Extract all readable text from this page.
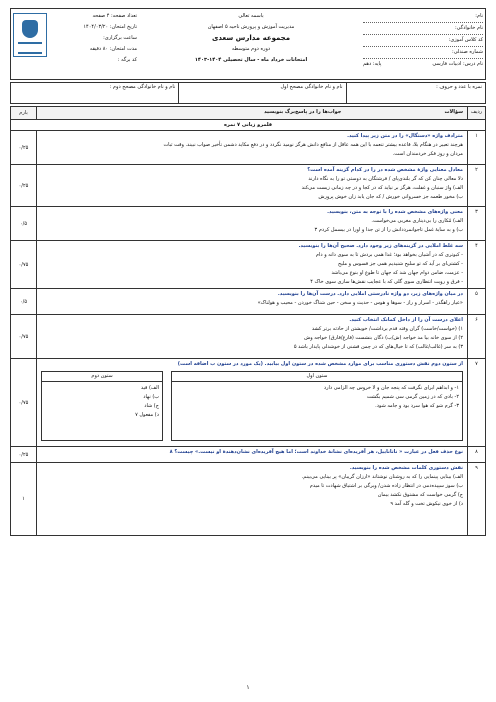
تعداد صفحه: ۴ صفحه
تاریخ امتحان: ۱۴۰۴/۰۳/۲۰
ساعت برگزاری:
مدت امتحان: ۸۰ دقیقه
کد برگه :
باسمه تعالی
مدیریت آموزش و پرورش ناحیه ۵ اصفهان
مجموعه مدارس سعدی
دوره دوم متوسطه
امتحانات خرداد ماه - سال تحصیلی ۱۴۰۴-۱۴۰۳
نام:
نام خانوادگی:
کد کلاس آموزی:
شماره صندلی:
نام درس: ادبیات فارسی
پایه: دهم
نمره با عدد و حروف :
نام و نام خانوادگی مصحح اول
نام و نام خانوادگی مصحح دوم :
ردیف
بارم	سؤالات
جواب‌ها را در پاسخ‌برگ بنویسید
قلمرو زبانی ۷ نمره
۱
۰/۲۵
مترادف واژه «دستگال» را در متن زیر پیدا کنید.
هرچند تعبیر در هنگام بلا، قاعده بیشتر تنعمه با این همه عاقل از منافع دانش هرگز نومید نگردد و در دفع مکاید دشمن تأخیر صواب نبیند. وقت ثبات
مردان و روز فکر خردمندان است.
۲
۰/۲۵
معادل معنایی واژهٔ مشخص شده در را در کدام گزینه آمده است؟
دلا معالی چنان کن که گر بلندی‌پای / فرشتگان به دوستی تو را به نگاه دارند
الف) واژ سنبان و غفلت، هرگز بر نیاید که در کجا و در چه زمانی زیست می‌کند
ب) مخور طعمه جز خسروانی خورش / که جان یابد زان خوش پرورش
۳
۰/۵
معنی واژه‌های مشخص شده را با توجه به متن، بنویسید.
الف) مُکاری را بی‌دیناری مغربی می‌خواست.
ب) و به سایهٔ غمل تاجوانمرددانش را از تن جدا و اورا در بیسمل کردم ۳
۴
۰/۷۵
سه غلط املایی در گزینه‌های زیر وجود دارد. صحیح آن‌ها را بنویسید.
- کبوتری که در آشیان بخواهد بود؛ غذا همی بردش تا به سوی دانه و دام
- کشتی‌ای بر آید که تو سلیح شنیدیم همی جز فسوس و ملیح
- عزمت، ضامن دوام جهان شد که جهان تا طوع او بنوع می‌باشد
- فرق و رویت انتظاری سوی گلی که با عجایب نقش‌ها سازی سوی خاک ۴
۵
۰/۵
در میان واژه‌های زیر، دو واژه نادرستی املایی دارد. درست آن‌ها را بنویسید.
«عیار راهگذر - اسرار و راز - سوها و هوس - حدیث و سخن - حین شناگ خوردن - محیب و هولناک»
۶
۰/۷۵
اعلای درست آن را از داخل کمانک انتخاب کنید.
۱) (خواست/خاست) گران وقته قدم برداشت/ خویشتن از حادثه برتر کشد
۲) از سوی خانه بیا مد خواجه (ش/ب) دگان بنشست (فارغ/فارق) خواجه وش
۳) به سر (غالب/غالب) که تا خیال‌های که در چمن قشنی از خوشدلی پایدار باشد ۵
۷
۰/۷۵
از ستون دوم نقش دستوری مناسب برای موارد مشخص شده در ستون اول بیابید. (یک مورد در ستون ب اضافه است)
ستون اول
۱- و ابداهم ابرای نگرفت که پنجه جان و لا خروس چه الزامی دارد
۲- بادی که در زمین گرمی سی شمیم بگشت
۳- گرم شو که هوا سرد بود و جامه شود.
ستون دوم
الف) قید
ب) نهاد
ج) شاد
د) مفعول ۷
۸
۰/۲۵	نوع حذف فعل در عبارت « ناتاناییل، هر آفریده‌ای نشانهٔ خداوند است؛ اما هیچ آفریده‌ای نشان‌دهندهٔ او نیست.» چیست؟ ۸
۹
۱
نقش دستوری کلمات مشخص شده را بنویسید.
الف) بینایی پینمایی را که به روشنان نوشتاند «ارزان گریبان» پر بینایی می‌بینم.
ب) سوز سپیده‌دمی در انتظار زاده شدن/ ویرگی بر اشتیاق شهادت تا میدم
ج) گرمی خواست که مشتوق نکشد بیمان
د) از خوی نیکوش تخت و گله آمد ۹
۱
